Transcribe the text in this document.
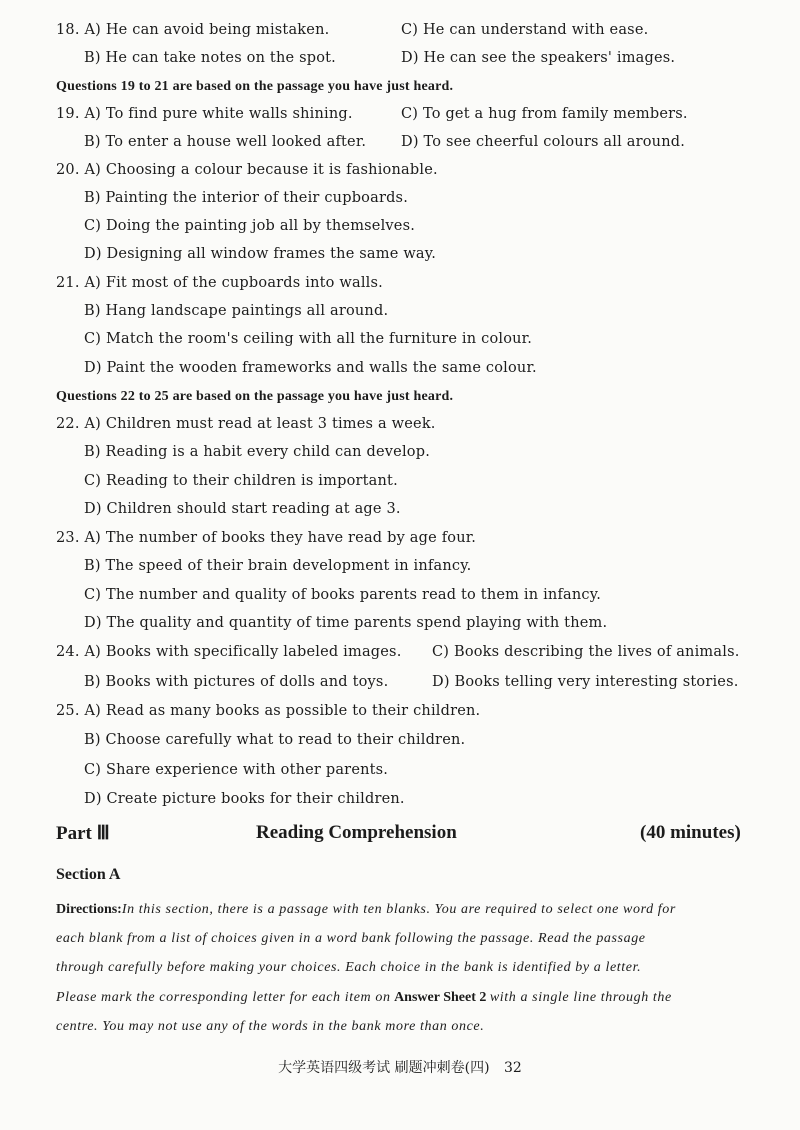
18. A) He can avoid being mistaken.	C) He can understand with ease.
B) He can take notes on the spot.	D) He can see the speakers' images.
Questions 19 to 21 are based on the passage you have just heard.
19. A) To find pure white walls shining.	C) To get a hug from family members.
B) To enter a house well looked after. D) To see cheerful colours all around.
20. A) Choosing a colour because it is fashionable.
B) Painting the interior of their cupboards.
C) Doing the painting job all by themselves.
D) Designing all window frames the same way.
21. A) Fit most of the cupboards into walls.
B) Hang landscape paintings all around.
C) Match the room's ceiling with all the furniture in colour.
D) Paint the wooden frameworks and walls the same colour.
Questions 22 to 25 are based on the passage you have just heard.
22. A) Children must read at least 3 times a week.
B) Reading is a habit every child can develop.
C) Reading to their children is important.
D) Children should start reading at age 3.
23. A) The number of books they have read by age four.
B) The speed of their brain development in infancy.
C) The number and quality of books parents read to them in infancy.
D) The quality and quantity of time parents spend playing with them.
24. A) Books with specifically labeled images. C) Books describing the lives of animals.
B) Books with pictures of dolls and toys.	D) Books telling very interesting stories.
25. A) Read as many books as possible to their children.
B) Choose carefully what to read to their children.
C) Share experience with other parents.
D) Create picture books for their children.
Part Ⅲ	Reading Comprehension	(40 minutes)
Section A
Directions:In this section, there is a passage with ten blanks. You are required to select one word for
each blank from a list of choices given in a word bank following the passage. Read the passage
through carefully before making your choices. Each choice in the bank is identified by a letter.
Please mark the corresponding letter for each item on Answer Sheet 2 with a single line through the
centre. You may not use any of the words in the bank more than once.
大学英语四级考试 刷题冲刺卷(四) 32
